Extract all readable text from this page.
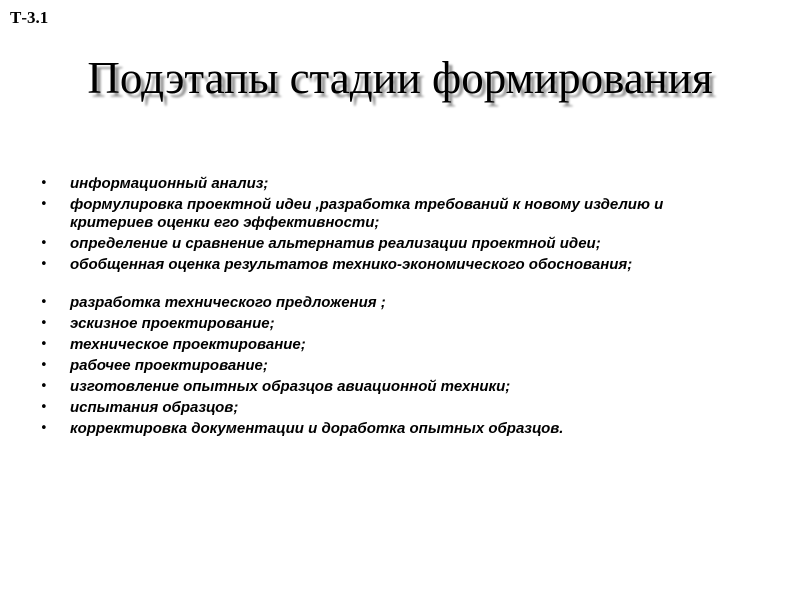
Т-3.1
Подэтапы стадии формирования
• информационный анализ;
• формулировка проектной идеи ,разработка требований к новому изделию и критериев оценки его эффективности;
• определение и сравнение альтернатив реализации проектной идеи;
• обобщенная оценка результатов технико-экономического обоснования;
• разработка технического предложения ;
• эскизное проектирование;
• техническое проектирование;
• рабочее проектирование;
• изготовление опытных образцов авиационной техники;
• испытания образцов;
• корректировка документации и доработка опытных образцов.
